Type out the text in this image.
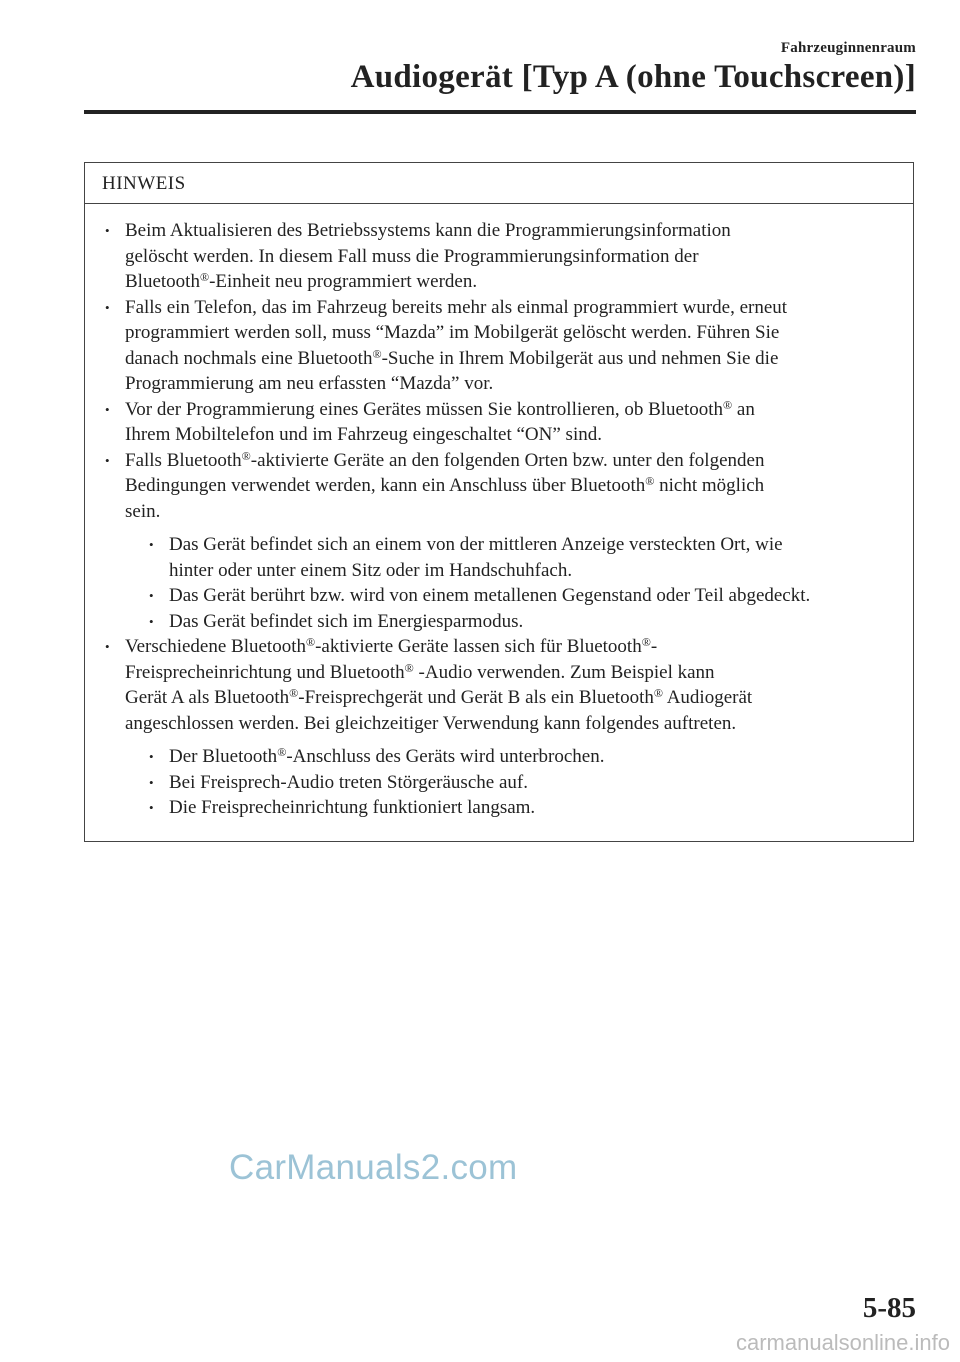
Fahrzeuginnenraum
Audiogerät [Typ A (ohne Touchscreen)]
HINWEIS
• Beim Aktualisieren des Betriebssystems kann die Programmierungsinformation
gelöscht werden. In diesem Fall muss die Programmierungsinformation der
Bluetooth®-Einheit neu programmiert werden.
• Falls ein Telefon, das im Fahrzeug bereits mehr als einmal programmiert wurde, erneut
programmiert werden soll, muss “Mazda” im Mobilgerät gelöscht werden. Führen Sie
danach nochmals eine Bluetooth®-Suche in Ihrem Mobilgerät aus und nehmen Sie die
Programmierung am neu erfassten “Mazda” vor.
• Vor der Programmierung eines Gerätes müssen Sie kontrollieren, ob Bluetooth® an
Ihrem Mobiltelefon und im Fahrzeug eingeschaltet “ON” sind.
• Falls Bluetooth®-aktivierte Geräte an den folgenden Orten bzw. unter den folgenden
Bedingungen verwendet werden, kann ein Anschluss über Bluetooth® nicht möglich
sein.
• Das Gerät befindet sich an einem von der mittleren Anzeige versteckten Ort, wie
hinter oder unter einem Sitz oder im Handschuhfach.
• Das Gerät berührt bzw. wird von einem metallenen Gegenstand oder Teil abgedeckt.
• Das Gerät befindet sich im Energiesparmodus.
• Verschiedene Bluetooth®-aktivierte Geräte lassen sich für Bluetooth®-
Freisprecheinrichtung und Bluetooth® -Audio verwenden. Zum Beispiel kann
Gerät A als Bluetooth®-Freisprechgerät und Gerät B als ein Bluetooth® Audiogerät
angeschlossen werden. Bei gleichzeitiger Verwendung kann folgendes auftreten.
• Der Bluetooth®-Anschluss des Geräts wird unterbrochen.
• Bei Freisprech-Audio treten Störgeräusche auf.
• Die Freisprecheinrichtung funktioniert langsam.
CarManuals2.com
5-85
carmanualsonline.info
